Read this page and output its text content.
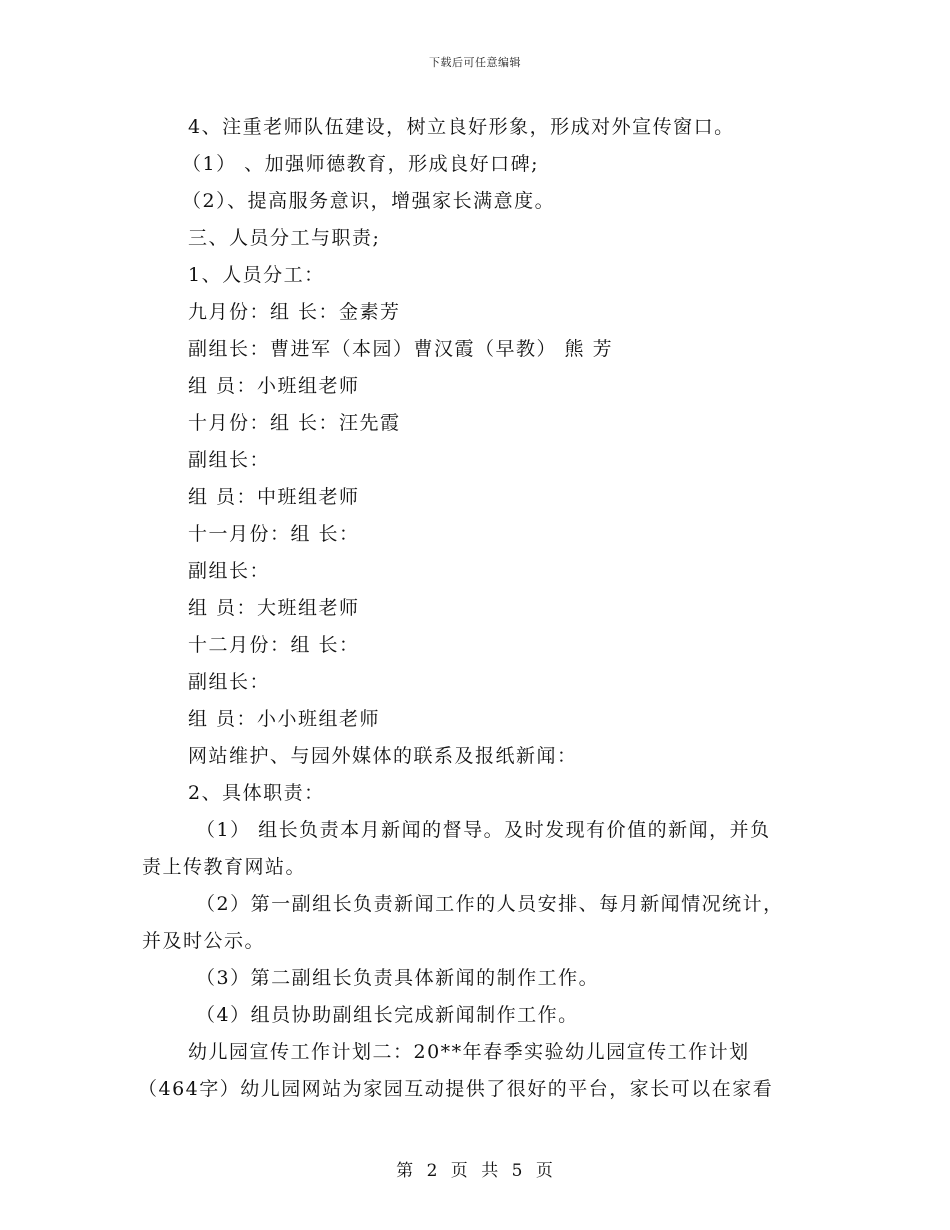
下载后可任意编辑
4、注重老师队伍建设，树立良好形象，形成对外宣传窗口。
（1） 、加强师德教育，形成良好口碑;
（2）、提高服务意识，增强家长满意度。
三、人员分工与职责;
1、人员分工：
九月份：组 长：金素芳
副组长：曹进军（本园）曹汉霞（早教） 熊 芳
组 员：小班组老师
十月份：组 长：汪先霞
副组长：
组 员：中班组老师
十一月份：组 长：
副组长：
组 员：大班组老师
十二月份：组 长：
副组长：
组 员：小小班组老师
网站维护、与园外媒体的联系及报纸新闻：
2、具体职责：
（1） 组长负责本月新闻的督导。及时发现有价值的新闻，并负
责上传教育网站。
（2）第一副组长负责新闻工作的人员安排、每月新闻情况统计，
并及时公示。
（3）第二副组长负责具体新闻的制作工作。
（4）组员协助副组长完成新闻制作工作。
幼儿园宣传工作计划二：20**年春季实验幼儿园宣传工作计划
（464字）幼儿园网站为家园互动提供了很好的平台，家长可以在家看
第 2 页 共 5 页
